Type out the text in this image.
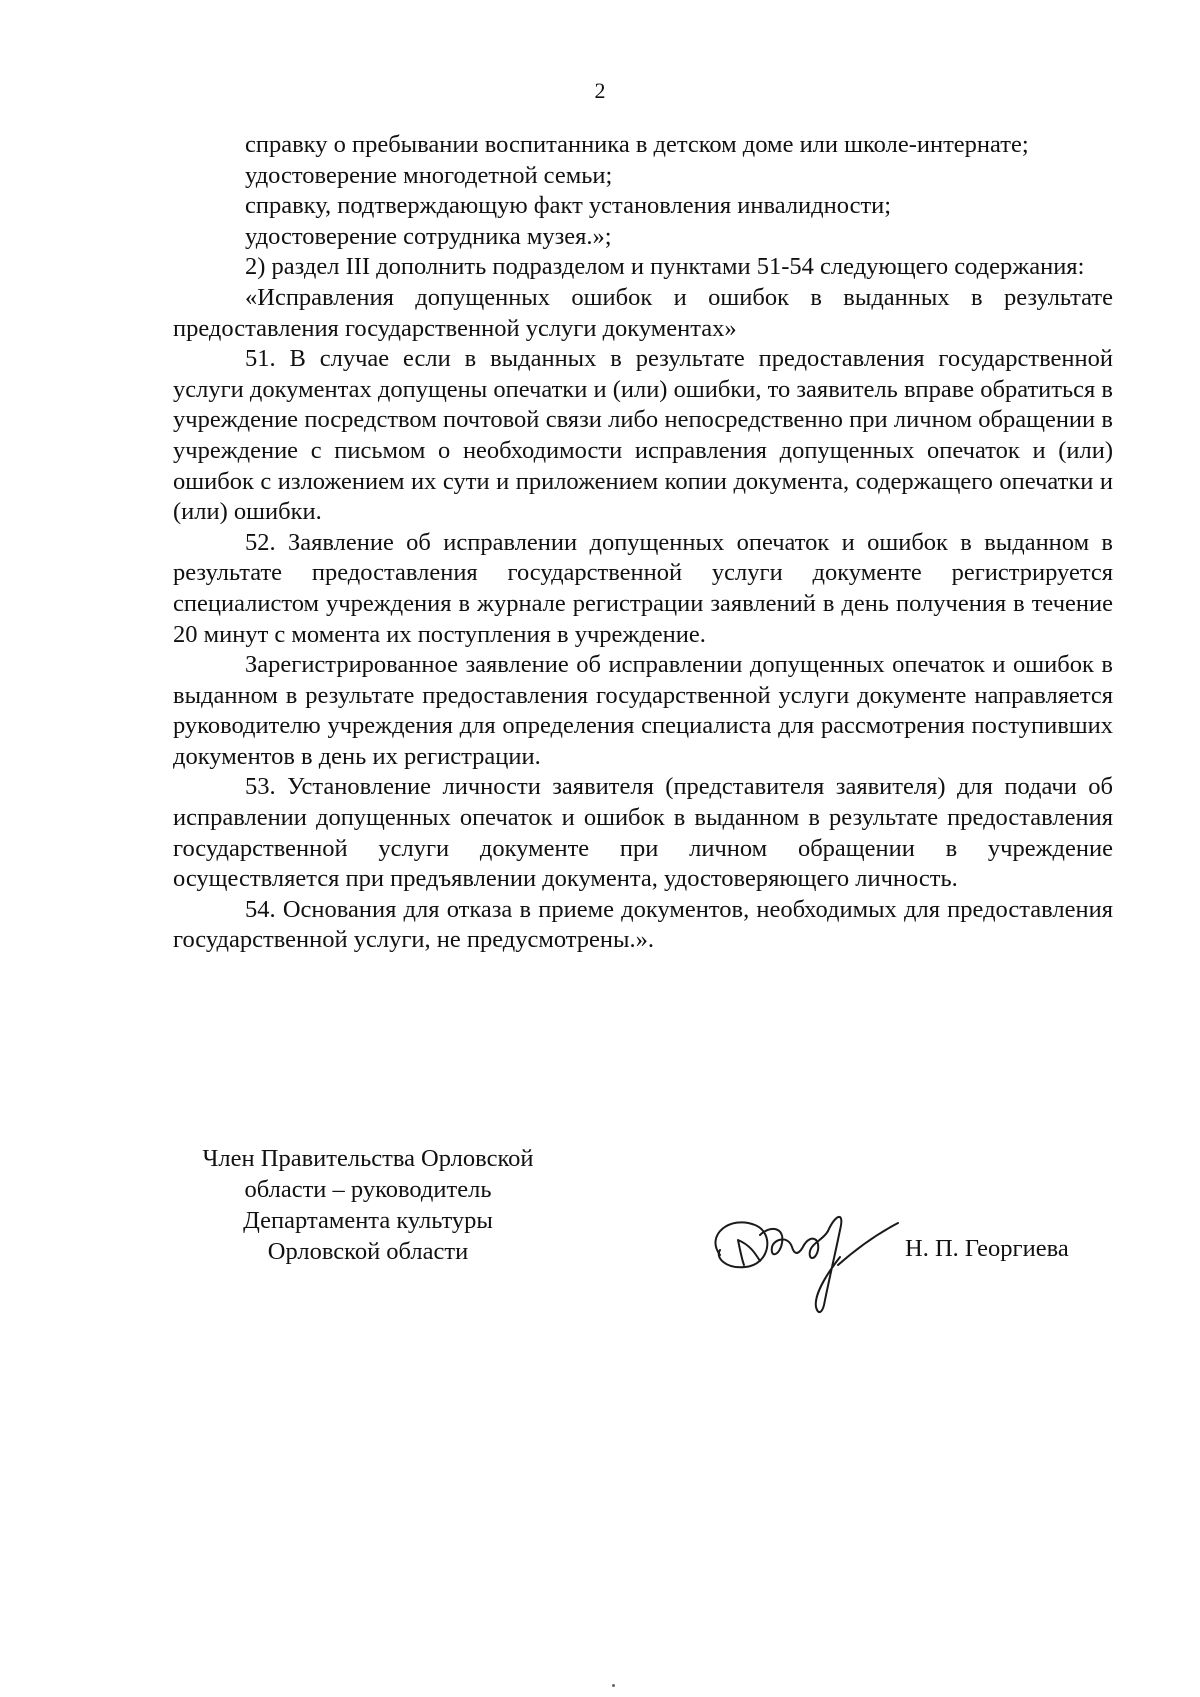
2

справку о пребывании воспитанника в детском доме или школе-интернате;

удостоверение многодетной семьи;

справку, подтверждающую факт установления инвалидности;

удостоверение сотрудника музея.»;

2) раздел III дополнить подразделом и пунктами 51-54 следующего содержания:

«Исправления допущенных ошибок и ошибок в выданных в результате предоставления государственной услуги документах»

51. В случае если в выданных в результате предоставления государственной услуги документах допущены опечатки и (или) ошибки, то заявитель вправе обратиться в учреждение посредством почтовой связи либо непосредственно при личном обращении в учреждение с письмом о необходимости исправления допущенных опечаток и (или) ошибок с изложением их сути и приложением копии документа, содержащего опечатки и (или) ошибки.

52. Заявление об исправлении допущенных опечаток и ошибок в выданном в результате предоставления государственной услуги документе регистрируется специалистом учреждения в журнале регистрации заявлений в день получения в течение 20 минут с момента их поступления в учреждение.

Зарегистрированное заявление об исправлении допущенных опечаток и ошибок в выданном в результате предоставления государственной услуги документе направляется руководителю учреждения для определения специалиста для рассмотрения поступивших документов в день их регистрации.

53. Установление личности заявителя (представителя заявителя) для подачи об исправлении допущенных опечаток и ошибок в выданном в результате предоставления государственной услуги документе при личном обращении в учреждение осуществляется при предъявлении документа, удостоверяющего личность.

54. Основания для отказа в приеме документов, необходимых для предоставления государственной услуги, не предусмотрены.».

Член Правительства Орловской
области – руководитель
Департамента культуры
Орловской области	Н. П. Георгиева
